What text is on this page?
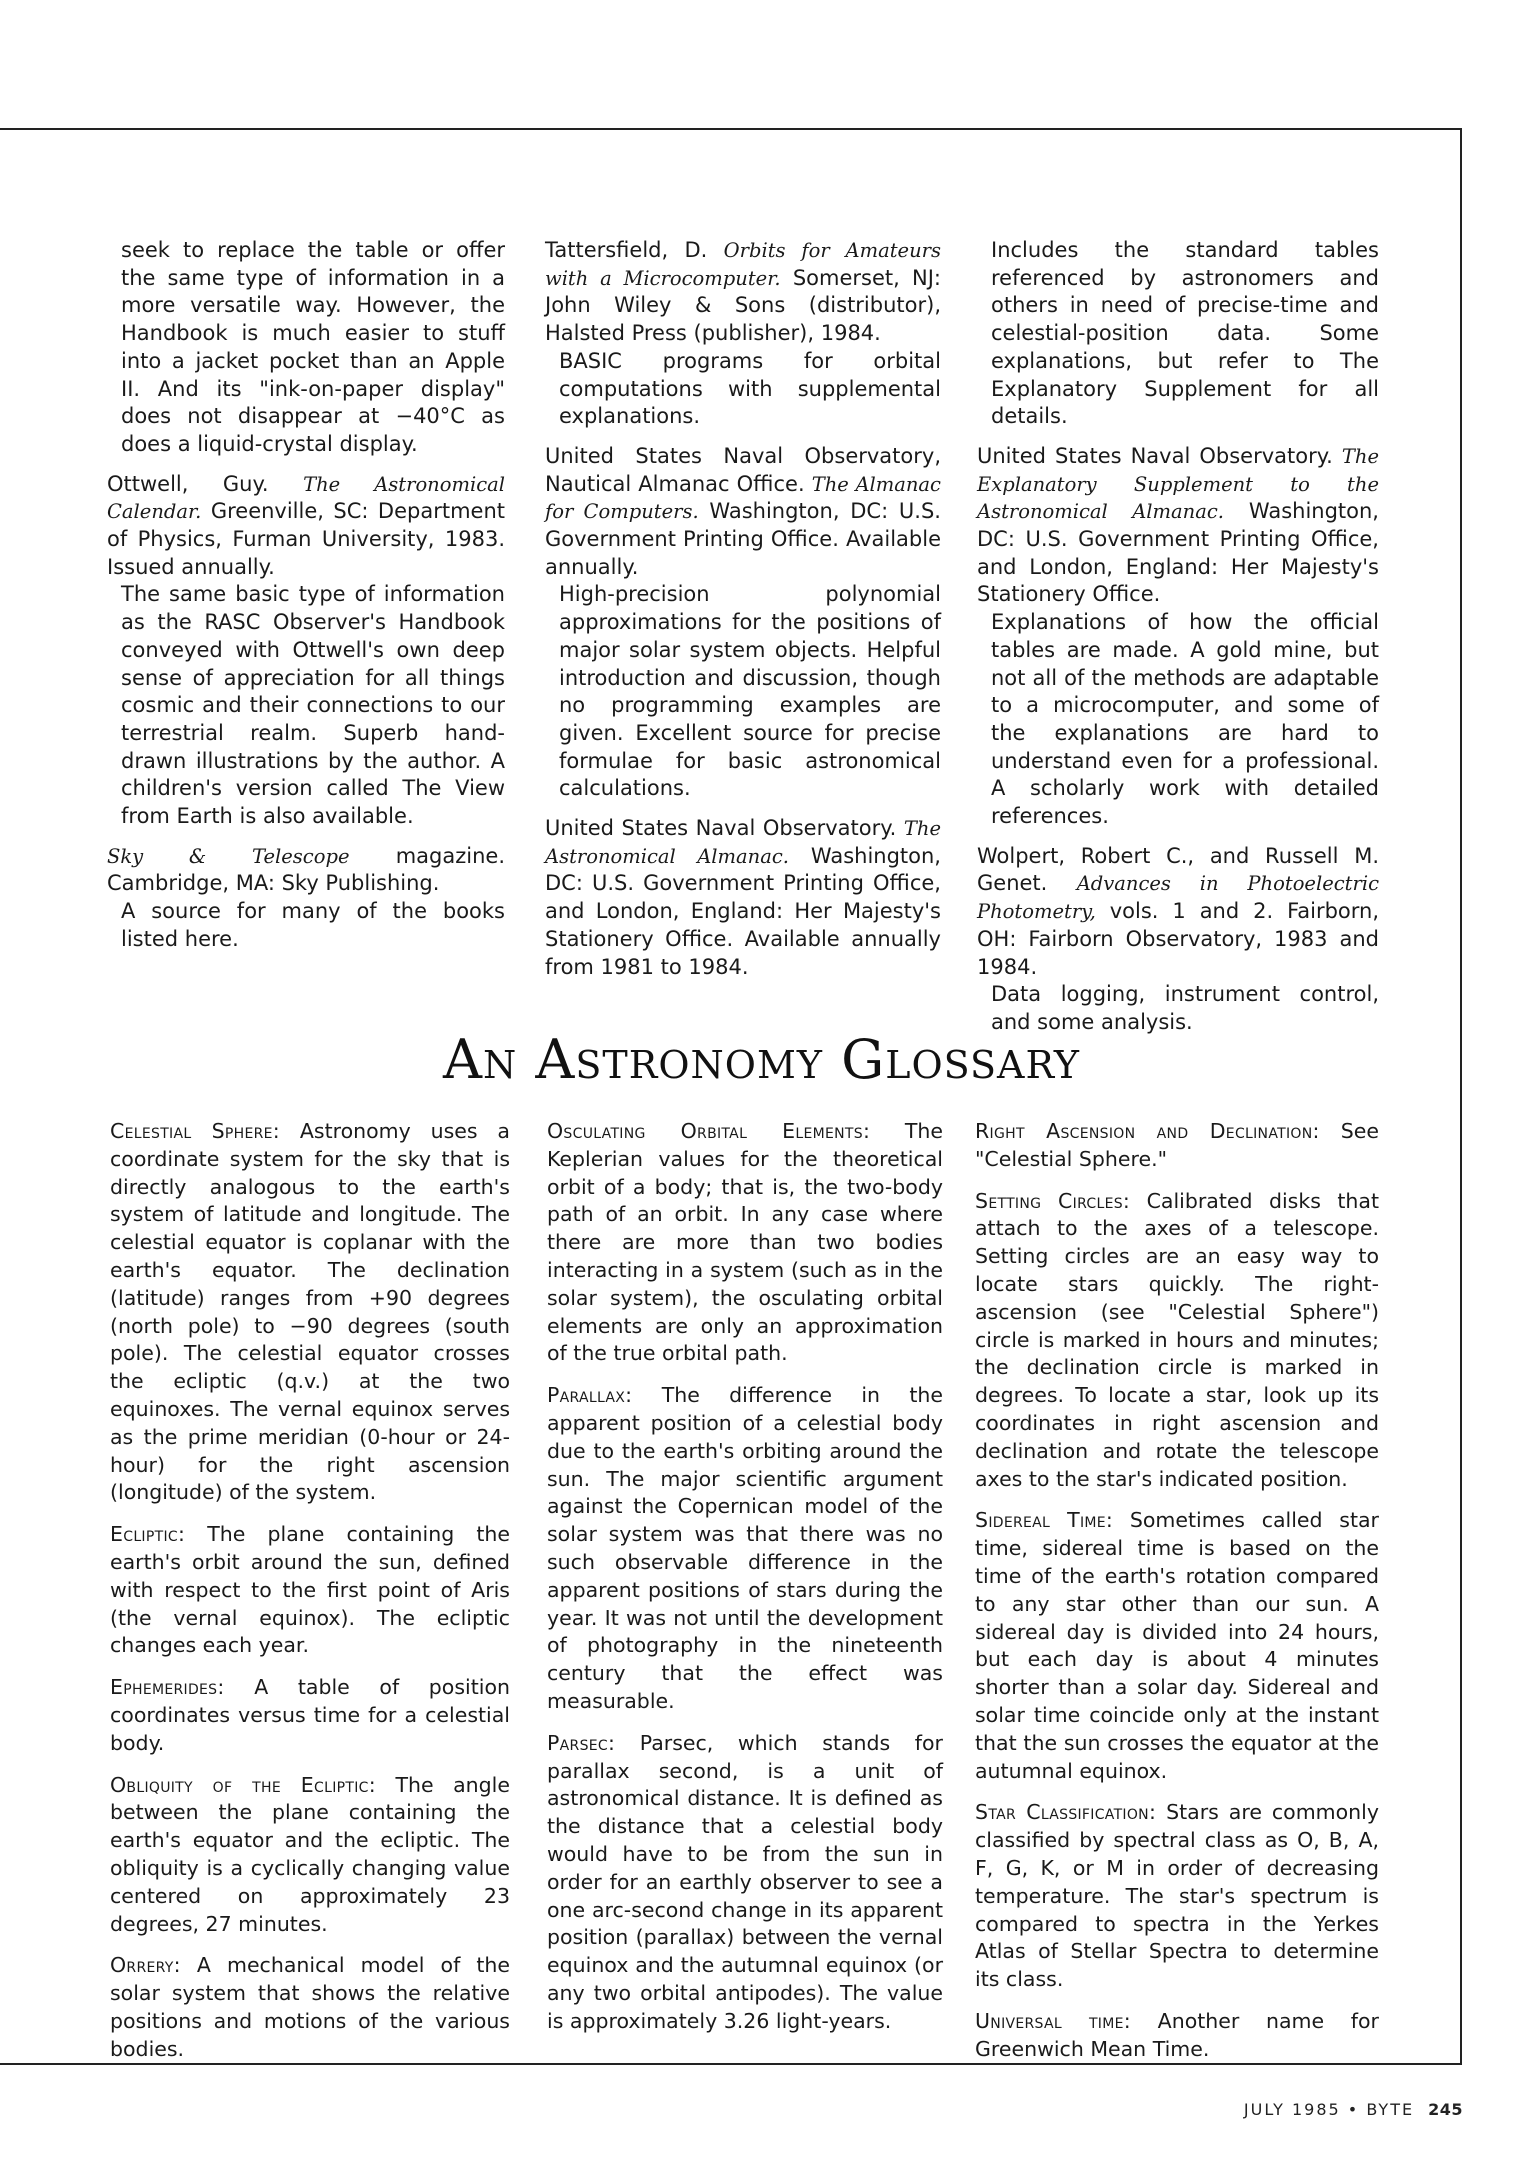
seek to replace the table or offer the same type of information in a more versatile way. However, the Handbook is much easier to stuff into a jacket pocket than an Apple II. And its "ink-on-paper display" does not disappear at −40°C as does a liquid-crystal display.

Ottwell, Guy. The Astronomical Calendar. Greenville, SC: Department of Physics, Furman University, 1983. Issued annually.

The same basic type of information as the RASC Observer's Handbook conveyed with Ottwell's own deep sense of appreciation for all things cosmic and their connections to our terrestrial realm. Superb hand-drawn illustrations by the author. A children's version called The View from Earth is also available.

Sky & Telescope magazine. Cambridge, MA: Sky Publishing.

A source for many of the books listed here.

Tattersfield, D. Orbits for Amateurs with a Microcomputer. Somerset, NJ: John Wiley & Sons (distributor), Halsted Press (publisher), 1984.

BASIC programs for orbital computations with supplemental explanations.

United States Naval Observatory, Nautical Almanac Office. The Almanac for Computers. Washington, DC: U.S. Government Printing Office. Available annually.

High-precision polynomial approximations for the positions of major solar system objects. Helpful introduction and discussion, though no programming examples are given. Excellent source for precise formulae for basic astronomical calculations.

United States Naval Observatory. The Astronomical Almanac. Washington, DC: U.S. Government Printing Office, and London, England: Her Majesty's Stationery Office. Available annually from 1981 to 1984.

Includes the standard tables referenced by astronomers and others in need of precise-time and celestial-position data. Some explanations, but refer to The Explanatory Supplement for all details.

United States Naval Observatory. The Explanatory Supplement to the Astronomical Almanac. Washington, DC: U.S. Government Printing Office, and London, England: Her Majesty's Stationery Office.

Explanations of how the official tables are made. A gold mine, but not all of the methods are adaptable to a microcomputer, and some of the explanations are hard to understand even for a professional. A scholarly work with detailed references.

Wolpert, Robert C., and Russell M. Genet. Advances in Photoelectric Photometry, vols. 1 and 2. Fairborn, OH: Fairborn Observatory, 1983 and 1984.

Data logging, instrument control, and some analysis.

An Astronomy Glossary

Celestial Sphere: Astronomy uses a coordinate system for the sky that is directly analogous to the earth's system of latitude and longitude. The celestial equator is coplanar with the earth's equator. The declination (latitude) ranges from +90 degrees (north pole) to −90 degrees (south pole). The celestial equator crosses the ecliptic (q.v.) at the two equinoxes. The vernal equinox serves as the prime meridian (0-hour or 24-hour) for the right ascension (longitude) of the system.

Ecliptic: The plane containing the earth's orbit around the sun, defined with respect to the first point of Aris (the vernal equinox). The ecliptic changes each year.

Ephemerides: A table of position coordinates versus time for a celestial body.

Obliquity of the Ecliptic: The angle between the plane containing the earth's equator and the ecliptic. The obliquity is a cyclically changing value centered on approximately 23 degrees, 27 minutes.

Orrery: A mechanical model of the solar system that shows the relative positions and motions of the various bodies.

Osculating Orbital Elements: The Keplerian values for the theoretical orbit of a body; that is, the two-body path of an orbit. In any case where there are more than two bodies interacting in a system (such as in the solar system), the osculating orbital elements are only an approximation of the true orbital path.

Parallax: The difference in the apparent position of a celestial body due to the earth's orbiting around the sun. The major scientific argument against the Copernican model of the solar system was that there was no such observable difference in the apparent positions of stars during the year. It was not until the development of photography in the nineteenth century that the effect was measurable.

Parsec: Parsec, which stands for parallax second, is a unit of astronomical distance. It is defined as the distance that a celestial body would have to be from the sun in order for an earthly observer to see a one arc-second change in its apparent position (parallax) between the vernal equinox and the autumnal equinox (or any two orbital antipodes). The value is approximately 3.26 light-years.

Right Ascension and Declination: See "Celestial Sphere."

Setting Circles: Calibrated disks that attach to the axes of a telescope. Setting circles are an easy way to locate stars quickly. The right-ascension (see "Celestial Sphere") circle is marked in hours and minutes; the declination circle is marked in degrees. To locate a star, look up its coordinates in right ascension and declination and rotate the telescope axes to the star's indicated position.

Sidereal Time: Sometimes called star time, sidereal time is based on the time of the earth's rotation compared to any star other than our sun. A sidereal day is divided into 24 hours, but each day is about 4 minutes shorter than a solar day. Sidereal and solar time coincide only at the instant that the sun crosses the equator at the autumnal equinox.

Star Classification: Stars are commonly classified by spectral class as O, B, A, F, G, K, or M in order of decreasing temperature. The star's spectrum is compared to spectra in the Yerkes Atlas of Stellar Spectra to determine its class.

Universal time: Another name for Greenwich Mean Time.

JULY 1985 • BYTE 245
